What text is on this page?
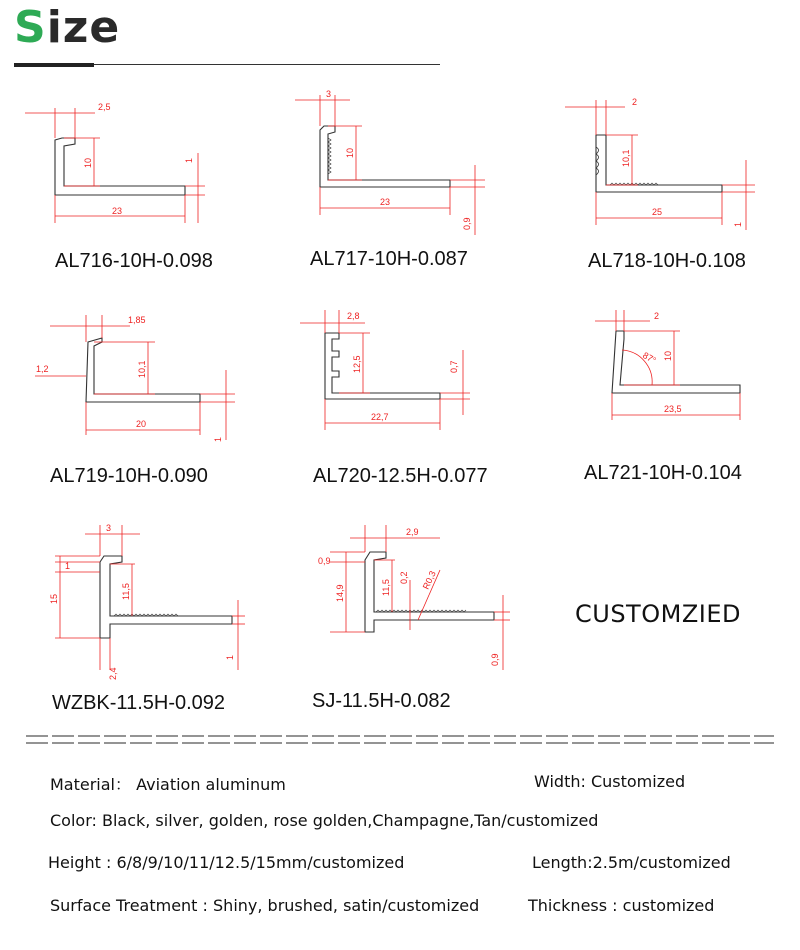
Size
2,5
10
23
1
AL716-10H-0.098
3
10
23
0,9
AL717-10H-0.087
2
10,1
25
1
AL718-10H-0.108
1,85
1,2	10,1
20
1
AL719-10H-0.090
2,8
12,5	0,7
22,7
AL720-12.5H-0.077
2
87° 10
23,5
AL721-10H-0.104
3
1
15	11,5
1
2,4
WZBK-11.5H-0.092
2,9
0,9
14,9	11,5
0,2 R0,3
0,9
SJ-11.5H-0.082
CUSTOMZIED
Material： Aviation aluminum	Width: Customized
Color: Black, silver, golden, rose golden,Champagne,Tan/customized
Height : 6/8/9/10/11/12.5/15mm/customized	Length:2.5m/customized
Surface Treatment : Shiny, brushed, satin/customized	Thickness : customized
